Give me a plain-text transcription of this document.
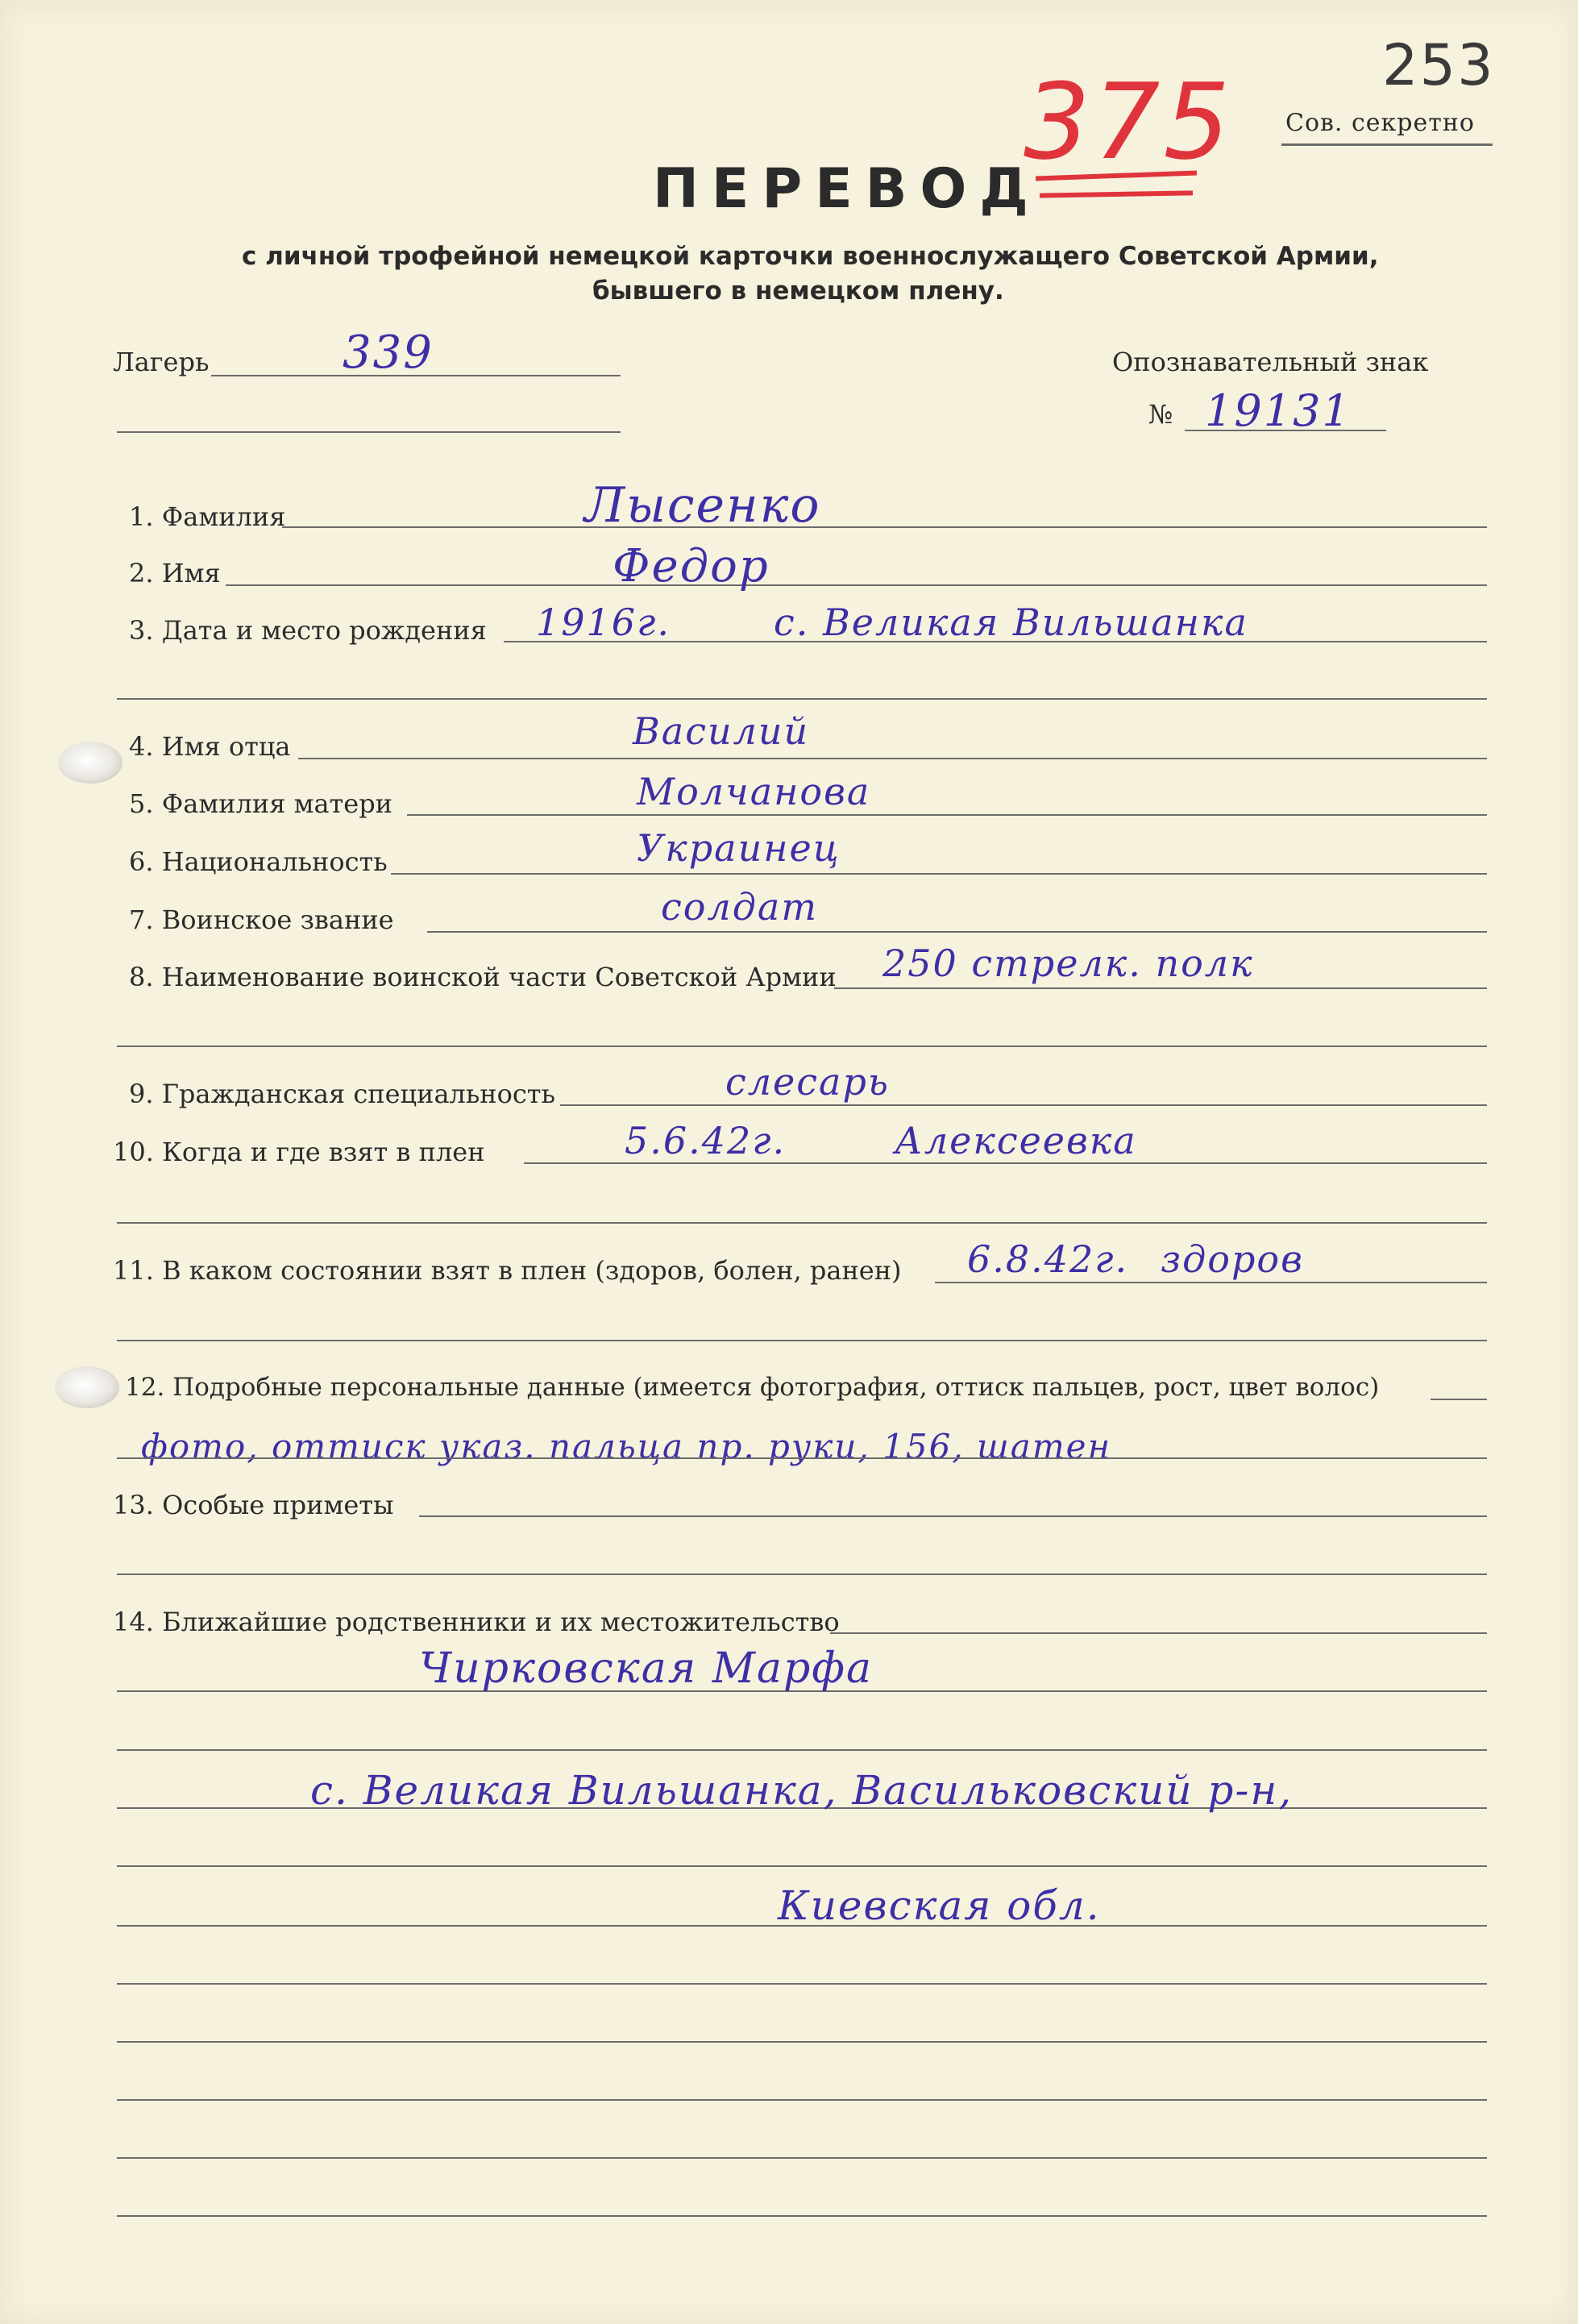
253
375 Сов. секретно
ПЕРЕВОД
с личной трофейной немецкой карточки военнослужащего Советской Армии,
бывшего в немецком плену.
Лагерь	339	Опознавательный знак
№ 19131
1. Фамилия	Лысенко
2. Имя	Федор
3. Дата и место рождения 1916г.	с. Великая Вильшанка
4. Имя отца	Василий
5. Фамилия матери	Молчанова
6. Национальность	Украинец
7. Воинское звание	солдат
8. Наименование воинской части Советской Армии 250 стрелк. полк
9. Гражданская специальность	слесарь
10. Когда и где взят в плен	5.6.42г.	Алексеевка
11. В каком состоянии взят в плен (здоров, болен, ранен) 6.8.42г. здоров
12. Подробные персональные данные (имеется фотография, оттиск пальцев, рост, цвет волос)
фото, оттиск указ. пальца пр. руки, 156, шатен
13. Особые приметы
14. Ближайшие родственники и их местожительство
Чирковская Марфа
с. Великая Вильшанка, Васильковский р-н,
Киевская обл.
